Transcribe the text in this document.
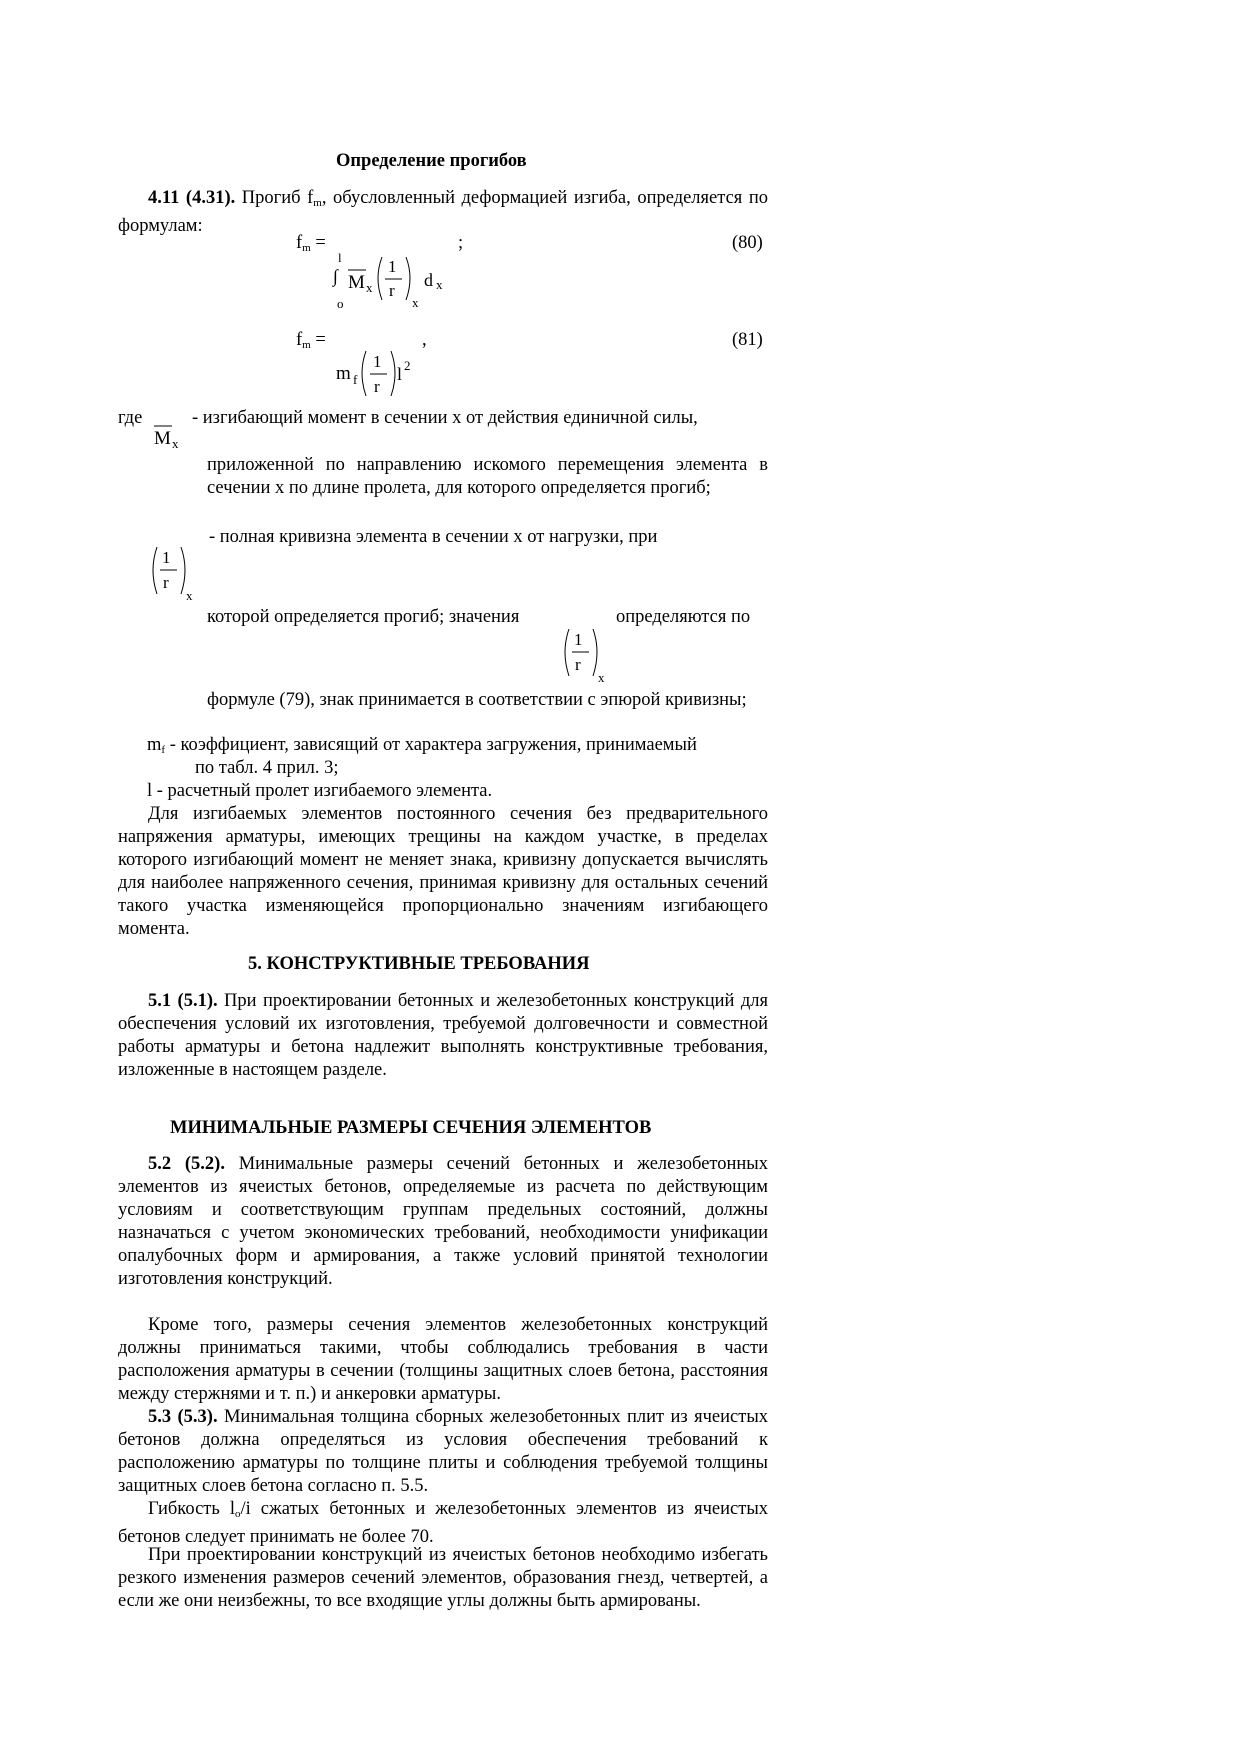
Определение прогибов
4.11 (4.31). Прогиб $f_m$, обусловленный деформацией изгиба, определяется по формулам:
$f_m$ =	;	(80)
l
∫
o
M x
1
r
x
d x
$f_m$ =	,	(81)
m f
1
r
l 2
где
M x
- изгибающий момент в сечении x от действия единичной силы,
приложенной по направлению искомого перемещения элемента в сечении x по длине пролета, для которого определяется прогиб;
- полная кривизна элемента в сечении x от нагрузки, при
1
r
x
которой определяется прогиб; значения	определяются по
1
r
x
формуле (79), знак принимается в соответствии с эпюрой кривизны;
$m_f$ - коэффициент, зависящий от характера загружения, принимаемый
по табл. 4 прил. 3;
l - расчетный пролет изгибаемого элемента.
Для изгибаемых элементов постоянного сечения без предварительного напряжения арматуры, имеющих трещины на каждом участке, в пределах которого изгибающий момент не меняет знака, кривизну допускается вычислять для наиболее напряженного сечения, принимая кривизну для остальных сечений такого участка изменяющейся пропорционально значениям изгибающего момента.
5. КОНСТРУКТИВНЫЕ ТРЕБОВАНИЯ
5.1 (5.1). При проектировании бетонных и железобетонных конструкций для обеспечения условий их изготовления, требуемой долговечности и совместной работы арматуры и бетона надлежит выполнять конструктивные требования, изложенные в настоящем разделе.
МИНИМАЛЬНЫЕ РАЗМЕРЫ СЕЧЕНИЯ ЭЛЕМЕНТОВ
5.2 (5.2). Минимальные размеры сечений бетонных и железобетонных элементов из ячеистых бетонов, определяемые из расчета по действующим условиям и соответствующим группам предельных состояний, должны назначаться с учетом экономических требований, необходимости унификации опалубочных форм и армирования, а также условий принятой технологии изготовления конструкций.
Кроме того, размеры сечения элементов железобетонных конструкций должны приниматься такими, чтобы соблюдались требования в части расположения арматуры в сечении (толщины защитных слоев бетона, расстояния между стержнями и т. п.) и анкеровки арматуры.
5.3 (5.3). Минимальная толщина сборных железобетонных плит из ячеистых бетонов должна определяться из условия обеспечения требований к расположению арматуры по толщине плиты и соблюдения требуемой толщины защитных слоев бетона согласно п. 5.5.
Гибкость $l_o/i$ сжатых бетонных и железобетонных элементов из ячеистых бетонов следует принимать не более 70.
При проектировании конструкций из ячеистых бетонов необходимо избегать резкого изменения размеров сечений элементов, образования гнезд, четвертей, а если же они неизбежны, то все входящие углы должны быть армированы.
